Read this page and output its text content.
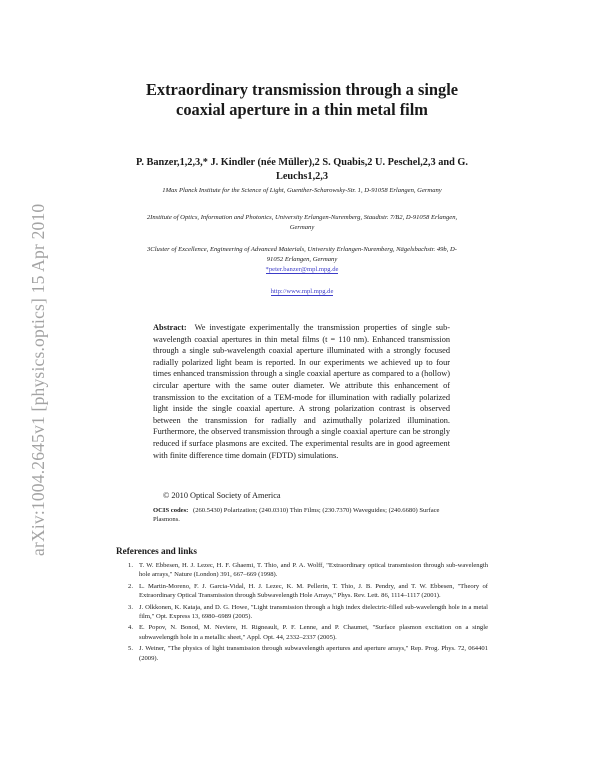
arXiv:1004.2645v1 [physics.optics] 15 Apr 2010
Extraordinary transmission through a single coaxial aperture in a thin metal film
P. Banzer,1,2,3,* J. Kindler (née Müller),2 S. Quabis,2 U. Peschel,2,3 and G. Leuchs1,2,3
1Max Planck Institute for the Science of Light, Guenther-Scharowsky-Str. 1, D-91058 Erlangen, Germany
2Institute of Optics, Information and Photonics, University Erlangen-Nuremberg, Staudtstr. 7/B2, D-91058 Erlangen, Germany
3Cluster of Excellence, Engineering of Advanced Materials, University Erlangen-Nuremberg, Nägelsbachstr. 49b, D-91052 Erlangen, Germany
*peter.banzer@mpl.mpg.de
http://www.mpl.mpg.de
Abstract: We investigate experimentally the transmission properties of single sub-wavelength coaxial apertures in thin metal films (t = 110 nm). Enhanced transmission through a single sub-wavelength coaxial aperture illuminated with a strongly focused radially polarized light beam is reported. In our experiments we achieved up to four times enhanced transmission through a single coaxial aperture as compared to a (hollow) circular aperture with the same outer diameter. We attribute this enhancement of transmission to the excitation of a TEM-mode for illumination with radially polarized light inside the single coaxial aperture. A strong polarization contrast is observed between the transmission for radially and azimuthally polarized illumination. Furthermore, the observed transmission through a single coaxial aperture can be strongly reduced if surface plasmons are excited. The experimental results are in good agreement with finite difference time domain (FDTD) simulations.
© 2010 Optical Society of America
OCIS codes: (260.5430) Polarization; (240.0310) Thin Films; (230.7370) Waveguides; (240.6680) Surface Plasmons.
References and links
1. T. W. Ebbesen, H. J. Lezec, H. F. Ghaemi, T. Thio, and P. A. Wolff, "Extraordinary optical transmission through sub-wavelength hole arrays," Nature (London) 391, 667–669 (1998).
2. L. Martin-Moreno, F. J. Garcia-Vidal, H. J. Lezec, K. M. Pellerin, T. Thio, J. B. Pendry, and T. W. Ebbesen, "Theory of Extraordinary Optical Transmission through Subwavelength Hole Arrays," Phys. Rev. Lett. 86, 1114–1117 (2001).
3. J. Olkkonen, K. Kataja, and D. G. Howe, "Light transmission through a high index dielectric-filled sub-wavelength hole in a metal film," Opt. Express 13, 6980–6989 (2005).
4. E. Popov, N. Bonod, M. Neviere, H. Rigneault, P. F. Lenne, and P. Chaumet, "Surface plasmon excitation on a single subwavelength hole in a metallic sheet," Appl. Opt. 44, 2332–2337 (2005).
5. J. Weiner, "The physics of light transmission through subwavelength apertures and aperture arrays," Rep. Prog. Phys. 72, 064401 (2009).
